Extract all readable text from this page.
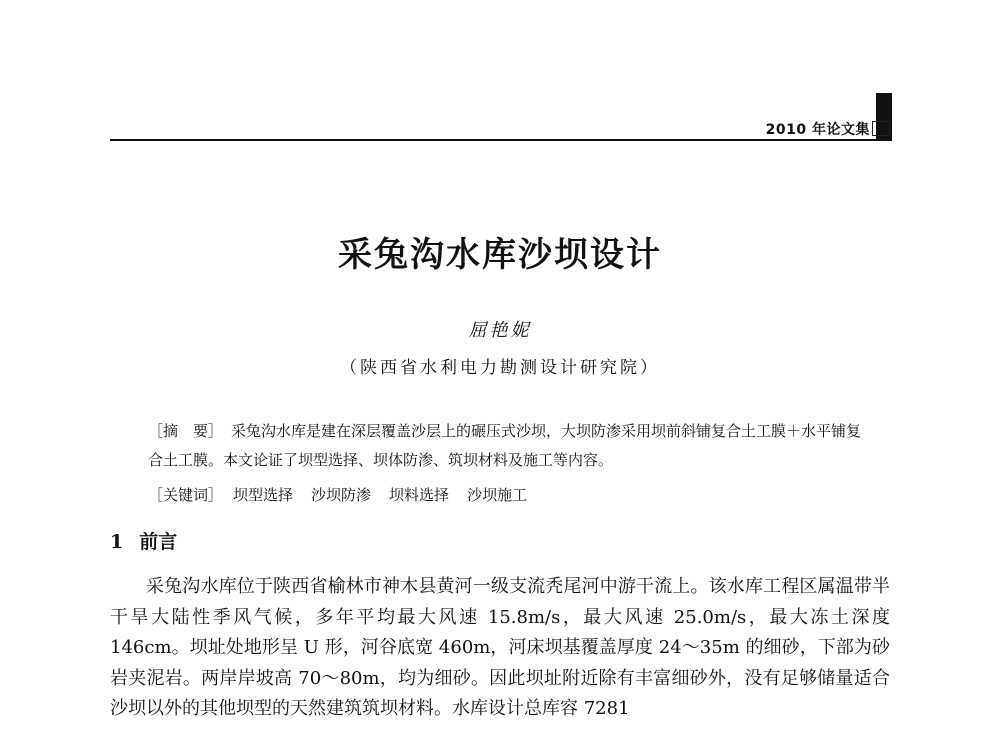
2010 年论文集
采兔沟水库沙坝设计
屈艳妮
（陕西省水利电力勘测设计研究院）
［摘　要］ 采兔沟水库是建在深层覆盖沙层上的碾压式沙坝，大坝防渗采用坝前斜铺复合土工膜＋水平铺复合土工膜。本文论证了坝型选择、坝体防渗、筑坝材料及施工等内容。
［关键词］ 坝型选择 沙坝防渗 坝料选择 沙坝施工
1 前言

采兔沟水库位于陕西省榆林市神木县黄河一级支流秃尾河中游干流上。该水库工程区属温带半干旱大陆性季风气候，多年平均最大风速 15.8m/s，最大风速 25.0m/s，最大冻土深度 146cm。坝址处地形呈 U 形，河谷底宽 460m，河床坝基覆盖厚度 24～35m 的细砂，下部为砂岩夹泥岩。两岸岸坡高 70～80m，均为细砂。因此坝址附近除有丰富细砂外，没有足够储量适合沙坝以外的其他坝型的天然建筑筑坝材料。水库设计总库容 7281
